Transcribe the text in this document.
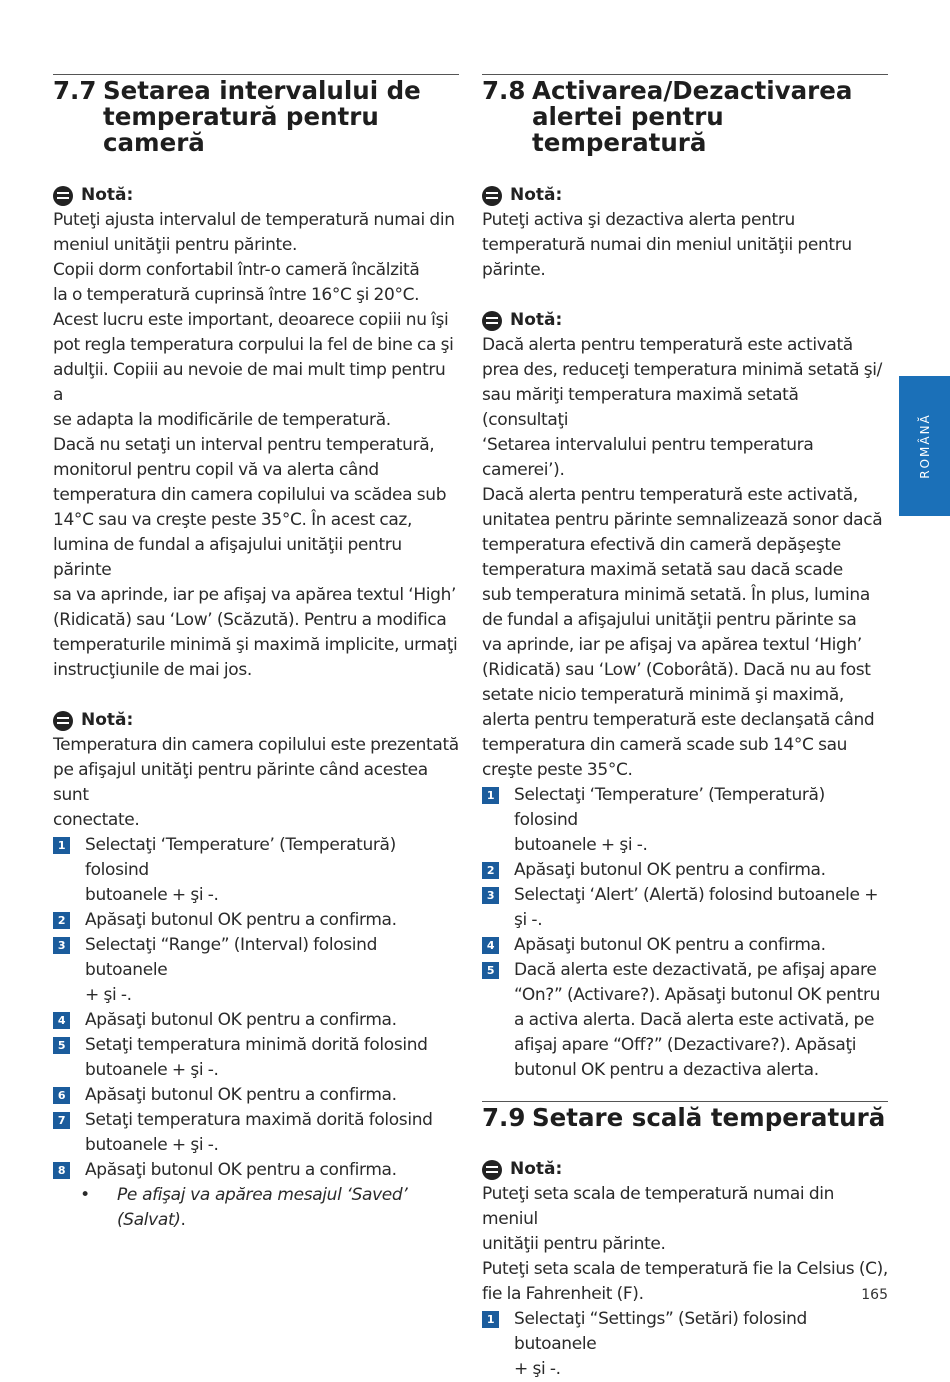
7.7 Setarea intervalului de temperatură pentru cameră
Notă:
Puteţi ajusta intervalul de temperatură numai din
meniul unităţii pentru părinte.
Copii dorm confortabil într-o cameră încălzită
la o temperatură cuprinsă între 16°C şi 20°C.
Acest lucru este important, deoarece copiii nu îşi
pot regla temperatura corpului la fel de bine ca şi
adulţii. Copiii au nevoie de mai mult timp pentru a
se adapta la modificările de temperatură.
Dacă nu setaţi un interval pentru temperatură,
monitorul pentru copil vă va alerta când
temperatura din camera copilului va scădea sub
14°C sau va creşte peste 35°C. În acest caz,
lumina de fundal a afişajului unităţii pentru părinte
sa va aprinde, iar pe afişaj va apărea textul ‘High’
(Ridicată) sau ‘Low’ (Scăzută). Pentru a modifica
temperaturile minimă şi maximă implicite, urmaţi
instrucţiunile de mai jos.
Notă:
Temperatura din camera copilului este prezentată
pe afişajul unităţi pentru părinte când acestea sunt
conectate.
1 Selectaţi ‘Temperature’ (Temperatură) folosind
butoanele + şi -.
2 Apăsaţi butonul OK pentru a confirma.
3 Selectaţi “Range” (Interval) folosind butoanele
+ şi -.
4 Apăsaţi butonul OK pentru a confirma.
5 Setaţi temperatura minimă dorită folosind
butoanele + şi -.
6 Apăsaţi butonul OK pentru a confirma.
7 Setaţi temperatura maximă dorită folosind
butoanele + şi -.
8 Apăsaţi butonul OK pentru a confirma.
•	Pe afişaj va apărea mesajul ‘Saved’ (Salvat).
7.8 Activarea/Dezactivarea alertei pentru temperatură
Notă:
Puteţi activa şi dezactiva alerta pentru
temperatură numai din meniul unităţii pentru
părinte.
Notă:
Dacă alerta pentru temperatură este activată
prea des, reduceţi temperatura minimă setată şi/
sau măriţi temperatura maximă setată (consultaţi
‘Setarea intervalului pentru temperatura camerei’).
Dacă alerta pentru temperatură este activată,
unitatea pentru părinte semnalizează sonor dacă
temperatura efectivă din cameră depăşeşte
temperatura maximă setată sau dacă scade
sub temperatura minimă setată. În plus, lumina
de fundal a afişajului unităţii pentru părinte sa
va aprinde, iar pe afişaj va apărea textul ‘High’
(Ridicată) sau ‘Low’ (Coborâtă). Dacă nu au fost
setate nicio temperatură minimă şi maximă,
alerta pentru temperatură este declanşată când
temperatura din cameră scade sub 14°C sau
creşte peste 35°C.
1 Selectaţi ‘Temperature’ (Temperatură) folosind
butoanele + şi -.
2 Apăsaţi butonul OK pentru a confirma.
3 Selectaţi ‘Alert’ (Alertă) folosind butoanele +
şi -.
4 Apăsaţi butonul OK pentru a confirma.
5 Dacă alerta este dezactivată, pe afişaj apare
“On?” (Activare?). Apăsaţi butonul OK pentru
a activa alerta. Dacă alerta este activată, pe
afişaj apare “Off?” (Dezactivare?). Apăsaţi
butonul OK pentru a dezactiva alerta.
7.9 Setare scală temperatură
Notă:
Puteţi seta scala de temperatură numai din meniul
unităţii pentru părinte.
Puteţi seta scala de temperatură fie la Celsius (C),
fie la Fahrenheit (F).
1 Selectaţi “Settings” (Setări) folosind butoanele
+ şi -.
ROMÂNĂ
165
